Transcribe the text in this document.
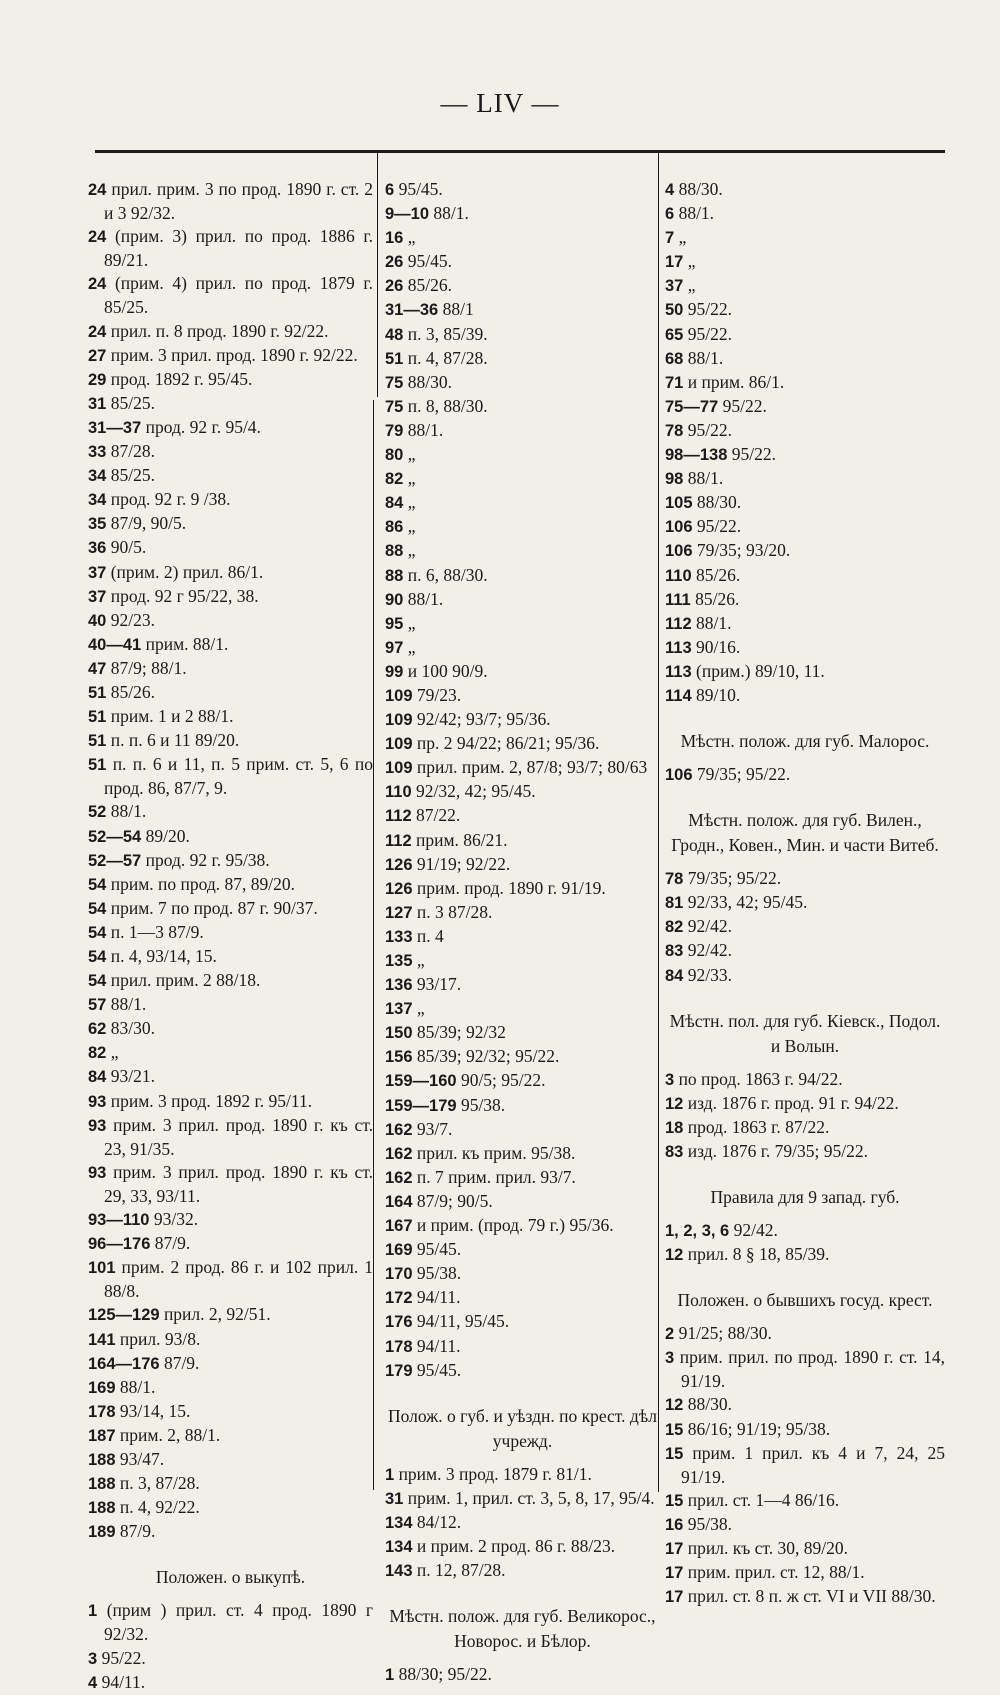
— LIV —
24 прил. прим. 3 по прод. 1890 г. ст. 2 и 3 92/32.
24 (прим. 3) прил. по прод. 1886 г. 89/21.
24 (прим. 4) прил. по прод. 1879 г. 85/25.
24 прил. п. 8 прод. 1890 г. 92/22.
27 прим. 3 прил. прод. 1890 г. 92/22.
29 прод. 1892 г. 95/45.
31 85/25.
31—37 прод. 92 г. 95/4.
33 87/28.
34 85/25.
34 прод. 92 г. 9 /38.
35 87/9, 90/5.
36 90/5.
37 (прим. 2) прил. 86/1.
37 прод. 92 г 95/22, 38.
40 92/23.
40—41 прим. 88/1.
47 87/9; 88/1.
51 85/26.
51 прим. 1 и 2 88/1.
51 п. п. 6 и 11 89/20.
51 п. п. 6 и 11, п. 5 прим. ст. 5, 6 по прод. 86, 87/7, 9.
52 88/1.
52—54 89/20.
52—57 прод. 92 г. 95/38.
54 прим. по прод. 87, 89/20.
54 прим. 7 по прод. 87 г. 90/37.
54 п. 1—3 87/9.
54 п. 4, 93/14, 15.
54 прил. прим. 2 88/18.
57 88/1.
62 83/30.
82 „
84 93/21.
93 прим. 3 прод. 1892 г. 95/11.
93 прим. 3 прил. прод. 1890 г. къ ст. 23, 91/35.
93 прим. 3 прил. прод. 1890 г. къ ст. 29, 33, 93/11.
93—110 93/32.
96—176 87/9.
101 прим. 2 прод. 86 г. и 102 прил. 1 88/8.
125—129 прил. 2, 92/51.
141 прил. 93/8.
164—176 87/9.
169 88/1.
178 93/14, 15.
187 прим. 2, 88/1.
188 93/47.
188 п. 3, 87/28.
188 п. 4, 92/22.
189 87/9.
Положен. о выкупѣ.
1 (прим ) прил. ст. 4 прод. 1890 г 92/32.
3 95/22.
4 94/11.
6 95/45.
9—10 88/1.
16 „
26 95/45.
26 85/26.
31—36 88/1
48 п. 3, 85/39.
51 п. 4, 87/28.
75 88/30.
75 п. 8, 88/30.
79 88/1.
80 „
82 „
84 „
86 „
88 „
88 п. 6, 88/30.
90 88/1.
95 „
97 „
99 и 100 90/9.
109 79/23.
109 92/42; 93/7; 95/36.
109 пр. 2 94/22; 86/21; 95/36.
109 прил. прим. 2, 87/8; 93/7; 80/63
110 92/32, 42; 95/45.
112 87/22.
112 прим. 86/21.
126 91/19; 92/22.
126 прим. прод. 1890 г. 91/19.
127 п. 3 87/28.
133 п. 4
135 „
136 93/17.
137 „
150 85/39; 92/32
156 85/39; 92/32; 95/22.
159—160 90/5; 95/22.
159—179 95/38.
162 93/7.
162 прил. къ прим. 95/38.
162 п. 7 прим. прил. 93/7.
164 87/9; 90/5.
167 и прим. (прод. 79 г.) 95/36.
169 95/45.
170 95/38.
172 94/11.
176 94/11, 95/45.
178 94/11.
179 95/45.
Полож. о губ. и уѣздн. по крест. дѣл учрежд.
1 прим. 3 прод. 1879 г. 81/1.
31 прим. 1, прил. ст. 3, 5, 8, 17, 95/4.
134 84/12.
134 и прим. 2 прод. 86 г. 88/23.
143 п. 12, 87/28.
Мѣстн. полож. для губ. Великорос., Новорос. и Бѣлор.
1 88/30; 95/22.
4 88/30.
6 88/1.
7 „
17 „
37 „
50 95/22.
65 95/22.
68 88/1.
71 и прим. 86/1.
75—77 95/22.
78 95/22.
98—138 95/22.
98 88/1.
105 88/30.
106 95/22.
106 79/35; 93/20.
110 85/26.
111 85/26.
112 88/1.
113 90/16.
113 (прим.) 89/10, 11.
114 89/10.
Мѣстн. полож. для губ. Малорос.
106 79/35; 95/22.
Мѣстн. полож. для губ. Вилен., Гродн., Ковен., Мин. и части Витеб.
78 79/35; 95/22.
81 92/33, 42; 95/45.
82 92/42.
83 92/42.
84 92/33.
Мѣстн. пол. для губ. Кіевск., Подол. и Волын.
3 по прод. 1863 г. 94/22.
12 изд. 1876 г. прод. 91 г. 94/22.
18 прод. 1863 г. 87/22.
83 изд. 1876 г. 79/35; 95/22.
Правила для 9 запад. губ.
1, 2, 3, 6 92/42.
12 прил. 8 § 18, 85/39.
Положен. о бывшихъ госуд. крест.
2 91/25; 88/30.
3 прим. прил. по прод. 1890 г. ст. 14, 91/19.
12 88/30.
15 86/16; 91/19; 95/38.
15 прим. 1 прил. къ 4 и 7, 24, 25 91/19.
15 прил. ст. 1—4 86/16.
16 95/38.
17 прил. къ ст. 30, 89/20.
17 прим. прил. ст. 12, 88/1.
17 прил. ст. 8 п. ж ст. VI и VII 88/30.
